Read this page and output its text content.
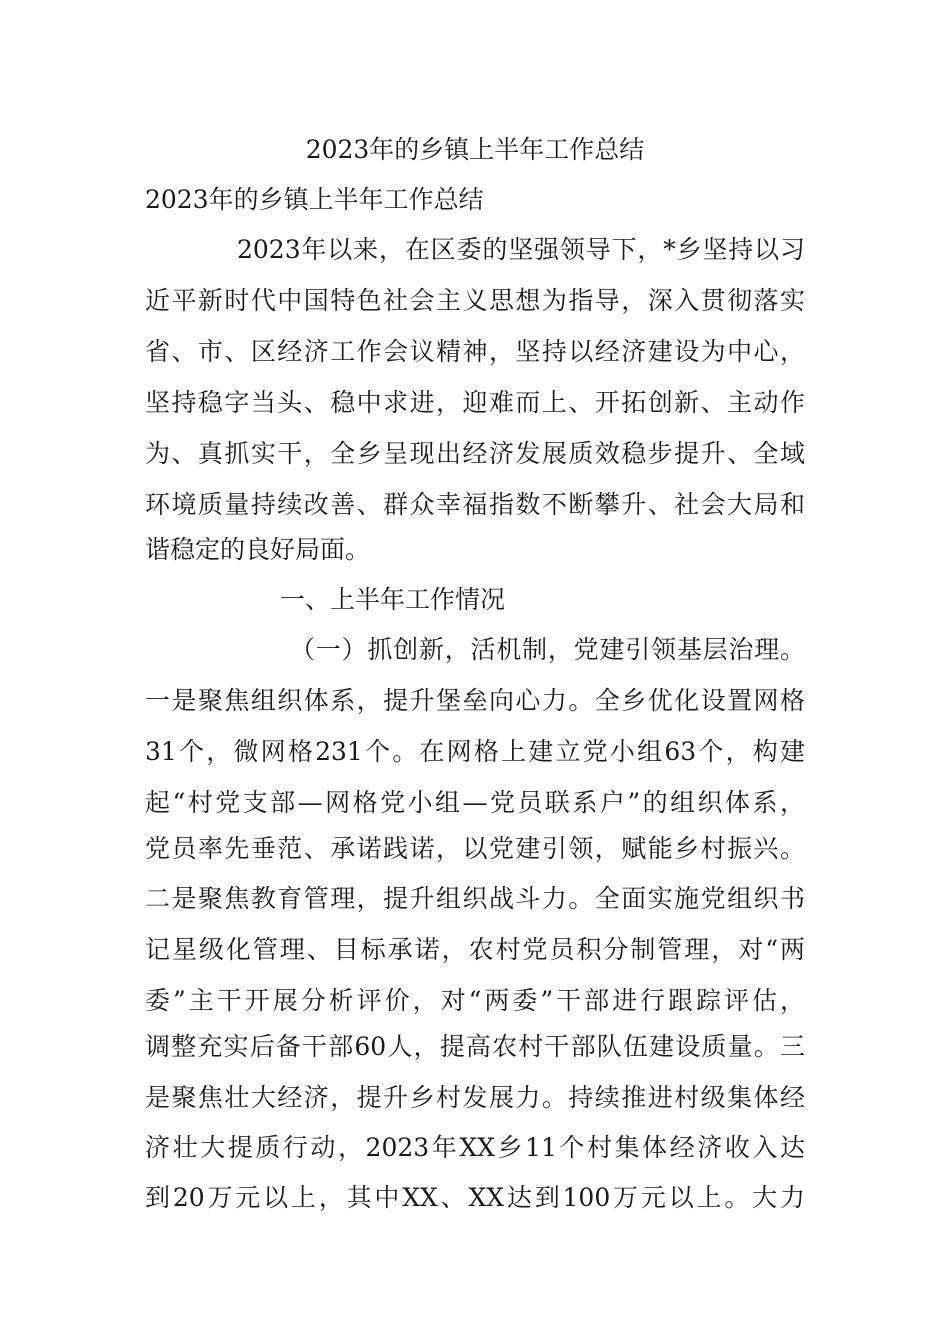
2023年的乡镇上半年工作总结
2023年的乡镇上半年工作总结
2023年以来，在区委的坚强领导下，*乡坚持以习
近平新时代中国特色社会主义思想为指导，深入贯彻落实
省、市、区经济工作会议精神，坚持以经济建设为中心，
坚持稳字当头、稳中求进，迎难而上、开拓创新、主动作
为、真抓实干，全乡呈现出经济发展质效稳步提升、全域
环境质量持续改善、群众幸福指数不断攀升、社会大局和
谐稳定的良好局面。
一、上半年工作情况
（一）抓创新，活机制，党建引领基层治理。
一是聚焦组织体系，提升堡垒向心力。全乡优化设置网格
31个，微网格231个。在网格上建立党小组63个，构建
起“村党支部—网格党小组—党员联系户”的组织体系，
党员率先垂范、承诺践诺，以党建引领，赋能乡村振兴。
二是聚焦教育管理，提升组织战斗力。全面实施党组织书
记星级化管理、目标承诺，农村党员积分制管理，对“两
委”主干开展分析评价，对“两委”干部进行跟踪评估，
调整充实后备干部60人，提高农村干部队伍建设质量。三
是聚焦壮大经济，提升乡村发展力。持续推进村级集体经
济壮大提质行动，2023年XX乡11个村集体经济收入达
到20万元以上，其中XX、XX达到100万元以上。大力
